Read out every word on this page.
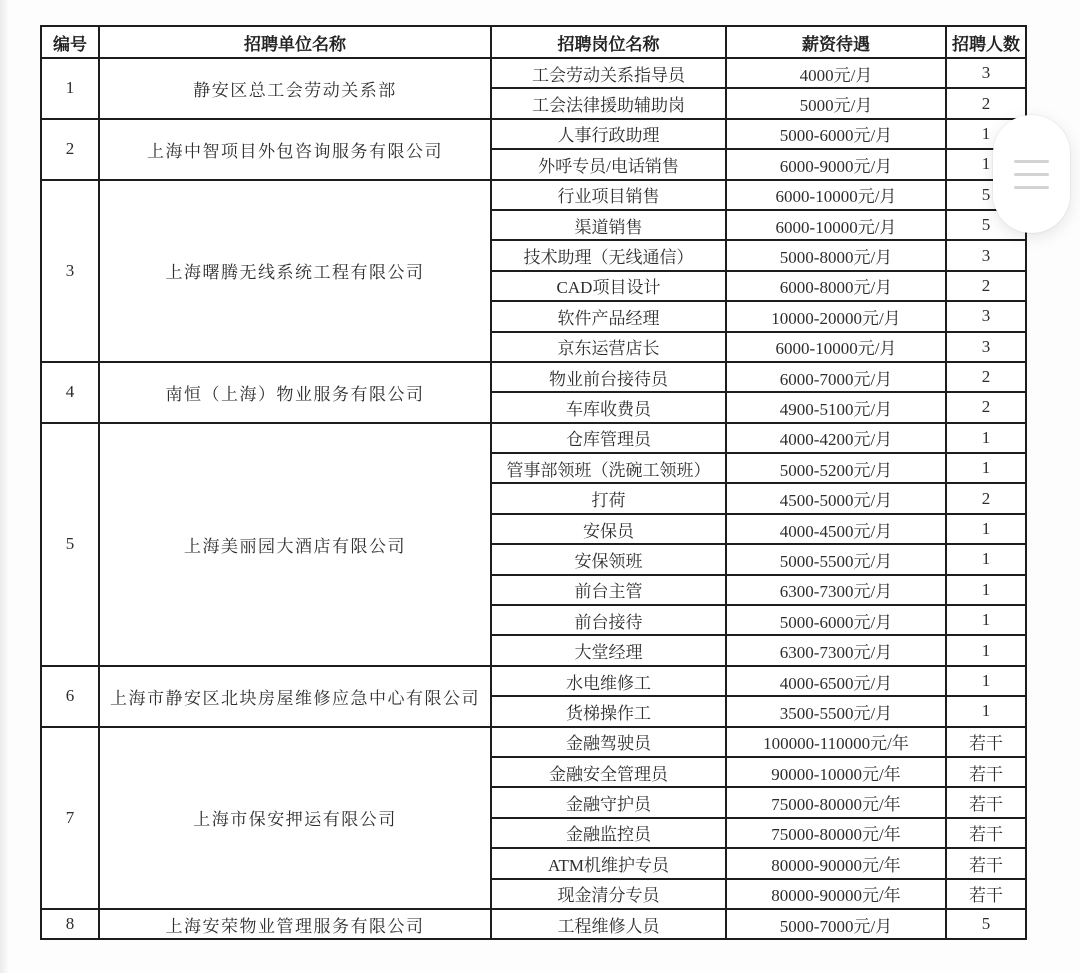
编号	招聘单位名称	招聘岗位名称	薪资待遇	招聘人数
1	静安区总工会劳动关系部	工会劳动关系指导员	4000元/月	3
		工会法律援助辅助岗	5000元/月	2
2	上海中智项目外包咨询服务有限公司	人事行政助理	5000-6000元/月	1
		外呼专员/电话销售	6000-9000元/月	1
3	上海曙腾无线系统工程有限公司	行业项目销售	6000-10000元/月	5
		渠道销售	6000-10000元/月	5
		技术助理（无线通信）	5000-8000元/月	3
		CAD项目设计	6000-8000元/月	2
		软件产品经理	10000-20000元/月	3
		京东运营店长	6000-10000元/月	3
4	南恒（上海）物业服务有限公司	物业前台接待员	6000-7000元/月	2
		车库收费员	4900-5100元/月	2
5	上海美丽园大酒店有限公司	仓库管理员	4000-4200元/月	1
		管事部领班（洗碗工领班）	5000-5200元/月	1
		打荷	4500-5000元/月	2
		安保员	4000-4500元/月	1
		安保领班	5000-5500元/月	1
		前台主管	6300-7300元/月	1
		前台接待	5000-6000元/月	1
		大堂经理	6300-7300元/月	1
6	上海市静安区北块房屋维修应急中心有限公司	水电维修工	4000-6500元/月	1
		货梯操作工	3500-5500元/月	1
7	上海市保安押运有限公司	金融驾驶员	100000-110000元/年	若干
		金融安全管理员	90000-10000元/年	若干
		金融守护员	75000-80000元/年	若干
		金融监控员	75000-80000元/年	若干
		ATM机维护专员	80000-90000元/年	若干
		现金清分专员	80000-90000元/年	若干
8	上海安荣物业管理服务有限公司	工程维修人员	5000-7000元/月	5
